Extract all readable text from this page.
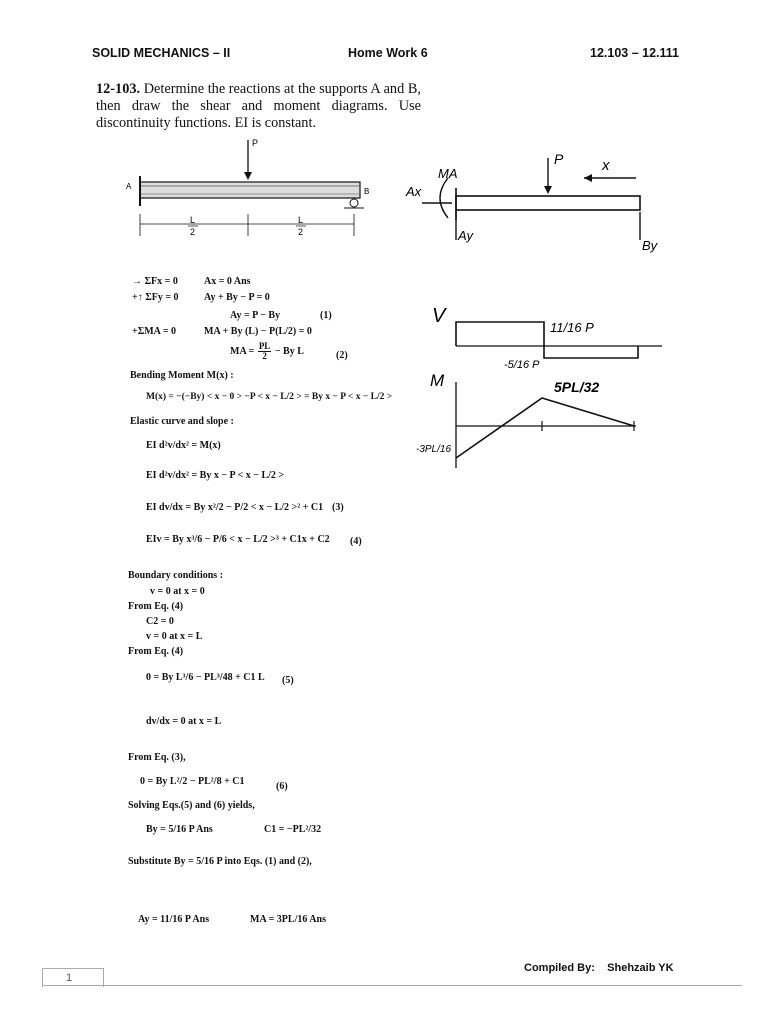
SOLID MECHANICS – II	Home Work 6	12.103 – 12.111
12-103. Determine the reactions at the supports A and B, then draw the shear and moment diagrams. Use discontinuity functions. EI is constant.
P
A
B
L
2
L
2
MA
Ax
Ay
P	x
By
V
11/16 P
-5/16 P
M	5PL/32
-3PL/16
→ ΣFx = 0	Ax = 0 Ans
+↑ ΣFy = 0	Ay + By − P = 0
Ay = P − By	(1)
+ΣMA = 0	MA + By (L) − P(L/2) = 0
MA = $\frac{PL}{2} - By$ L	(2)
Bending Moment M(x) :
M(x) = −(−By) < x − 0 > −P < x − L/2 > = By x − P < x − L/2 >
Elastic curve and slope :
EI d²v/dx² = M(x)
EI d²v/dx² = By x − P < x − L/2 >
EI dv/dx = By x²/2 − P/2 < x − L/2 >² + C1 (3)
EIv = By x³/6 − P/6 < x − L/2 >³ + C1x + C2 (4)
Boundary conditions :
v = 0 at x = 0
From Eq. (4)
C2 = 0
v = 0 at x = L
From Eq. (4)
0 = By L³/6 − PL³/48 + C1 L (5)
dv/dx = 0 at x = L
From Eq. (3),
0 = By L²/2 − PL²/8 + C1	(6)
Solving Eqs.(5) and (6) yields,
By = 5/16 P Ans	C1 = −PL²/32
Substitute By = 5/16 P into Eqs. (1) and (2),
Ay = 11/16 P Ans	MA = 3PL/16 Ans
Compiled By: Shehzaib YK
1
